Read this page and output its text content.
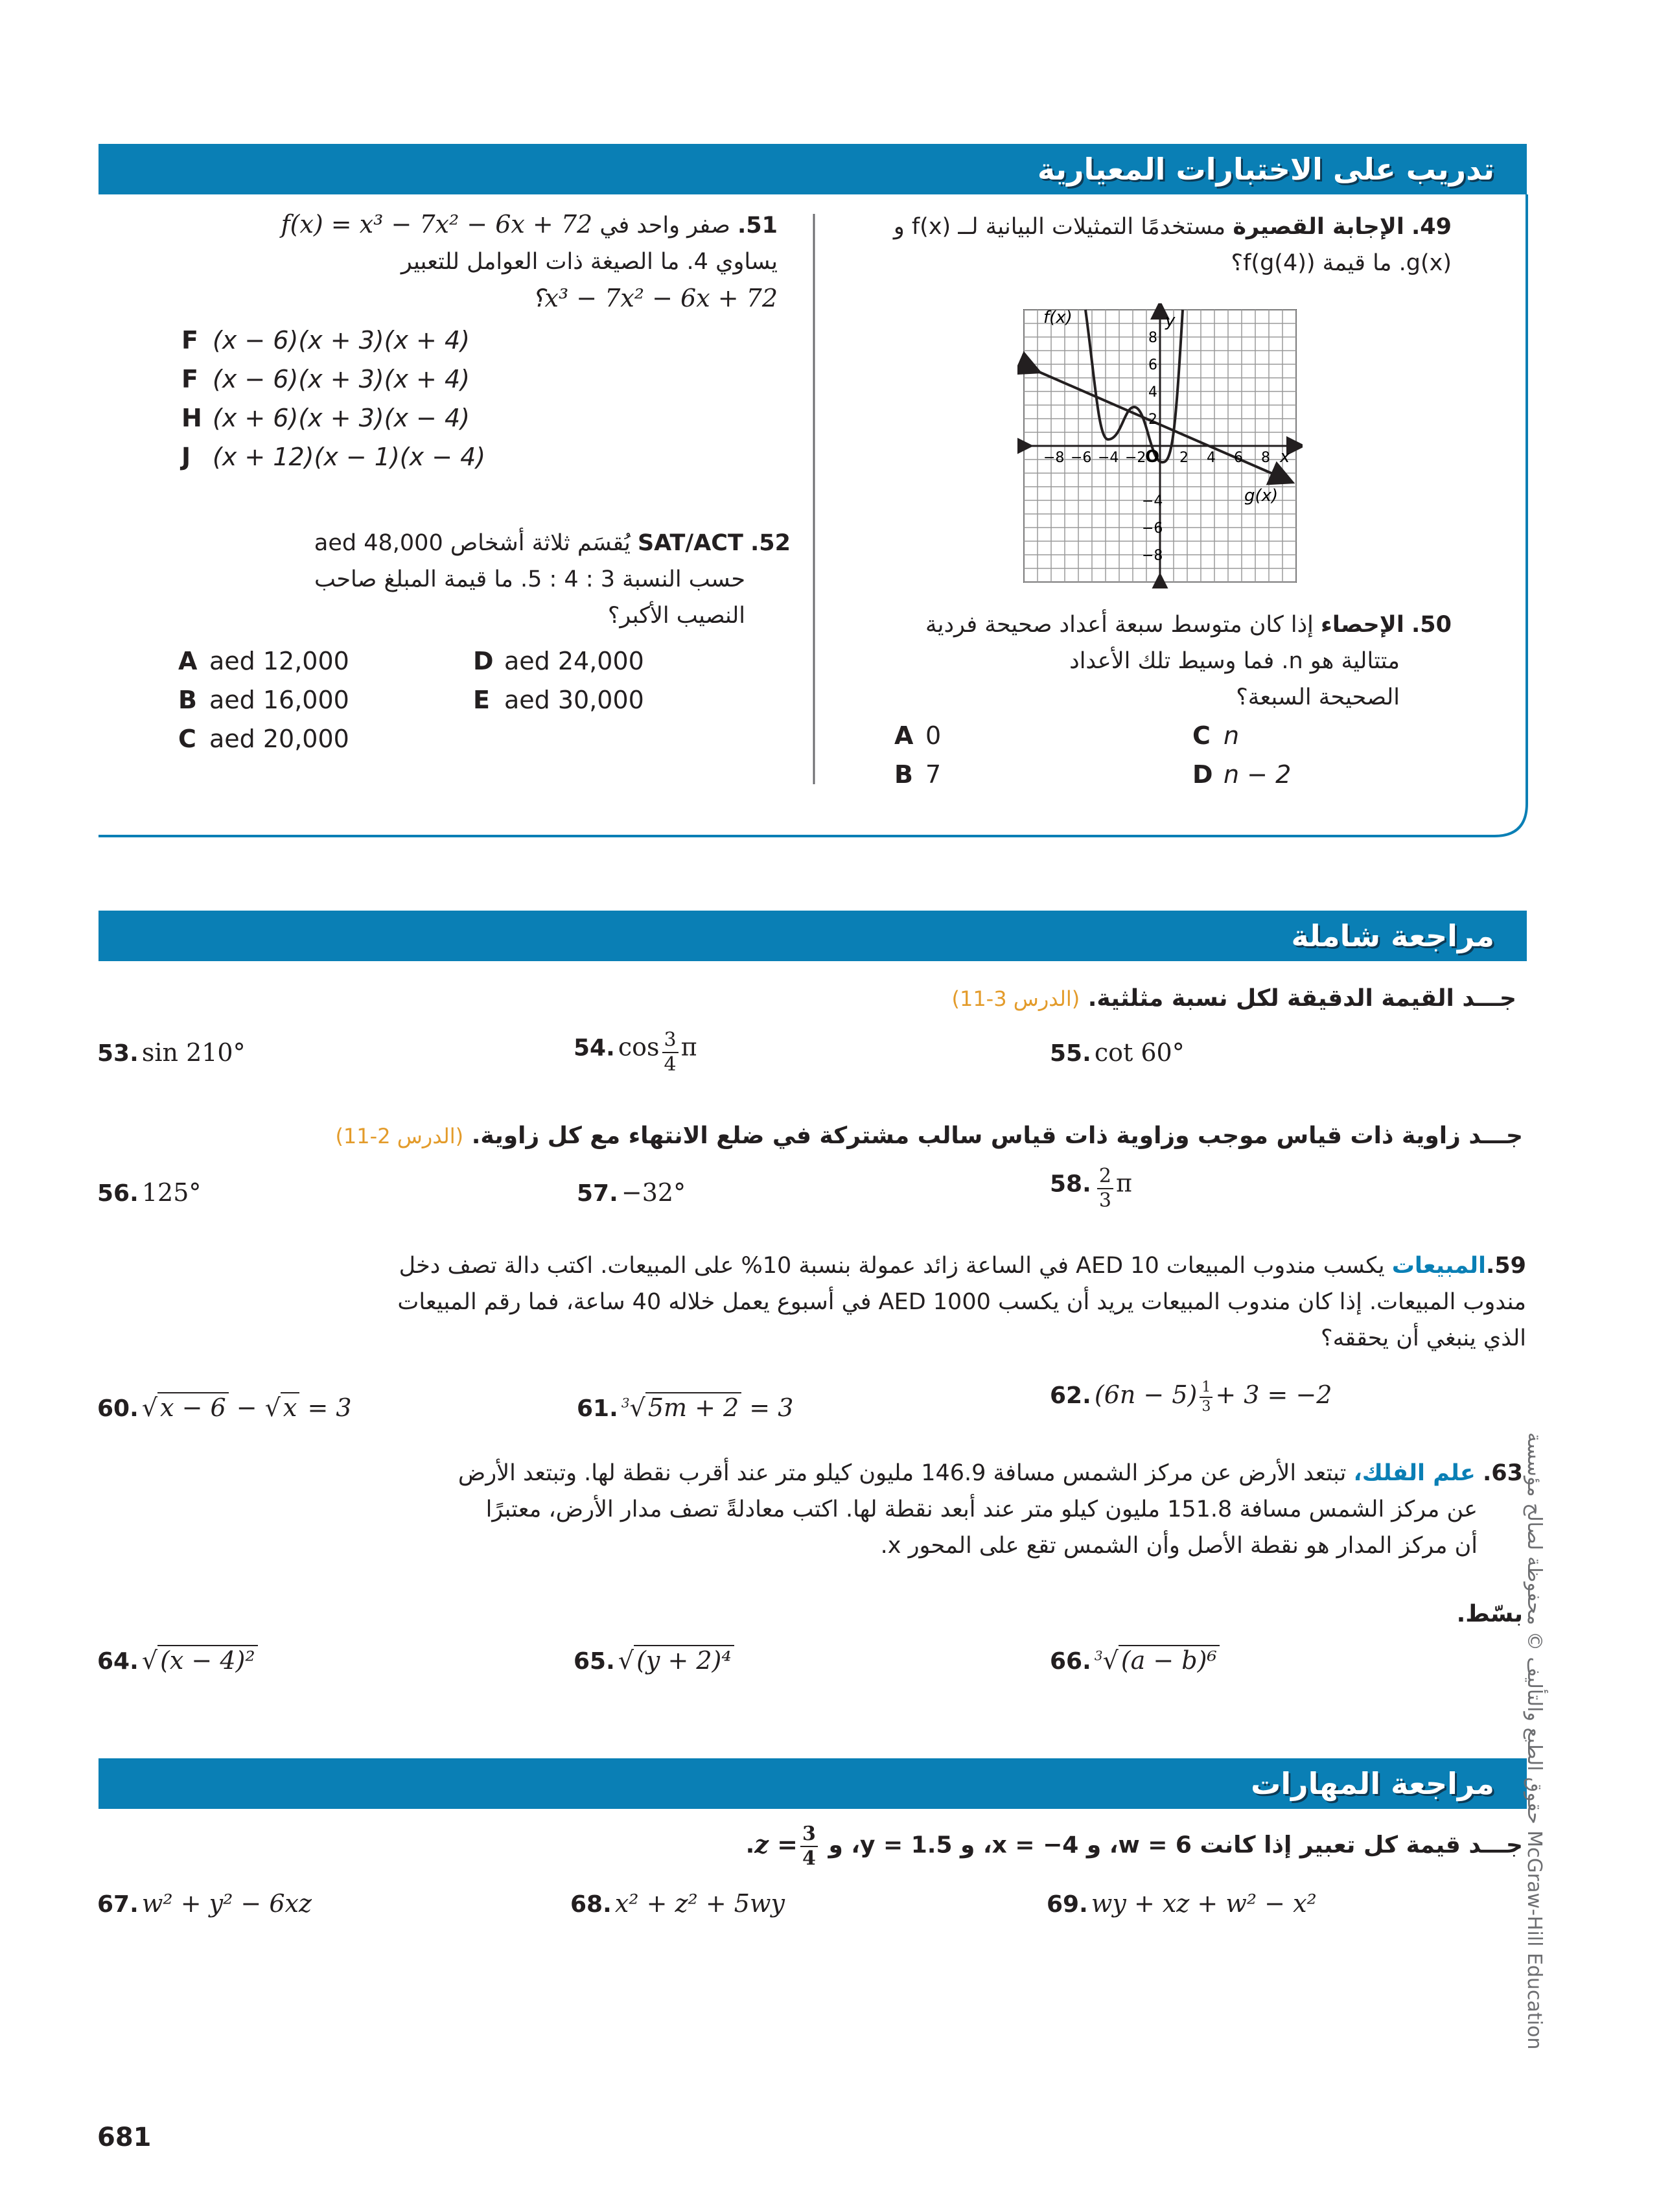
تدريب على الاختبارات المعيارية
49. الإجابة القصيرة مستخدمًا التمثيلات البيانية لــ f(x) و
g(x). ما قيمة f(g(4))؟
f(x)	y
x
O
g(x)
−8 −6 −4 −2 2 4 6 8
8
6
4
2
−4
−6
−8
50. الإحصاء إذا كان متوسط سبعة أعداد صحيحة فردية
متتالية هو n. فما وسيط تلك الأعداد
الصحيحة السبعة؟
A 0
B 7
C n
D n − 2
51. صفر واحد في f(x) = x³ − 7x² − 6x + 72
يساوي 4. ما الصيغة ذات العوامل للتعبير
x³ − 7x² − 6x + 72؟
F (x − 6)(x + 3)(x + 4)
F (x − 6)(x + 3)(x + 4)
H (x + 6)(x + 3)(x − 4)
J (x + 12)(x − 1)(x − 4)
SAT/ACT .52 يُقسَم ثلاثة أشخاص aed 48,000
حسب النسبة 3 : 4 : 5. ما قيمة المبلغ صاحب
النصيب الأكبر؟
A aed 12,000
B aed 16,000
C aed 20,000
D aed 24,000
E aed 30,000
مراجعة شاملة
جـــد القيمة الدقيقة لكل نسبة مثلثية. (الدرس 3-11)
53. sin 210°	54. $\cos \frac{3}{4}$ π	55. cot 60°
جـــد زاوية ذات قياس موجب وزاوية ذات قياس سالب مشتركة في ضلع الانتهاء مع كل زاوية. (الدرس 2-11)
56. 125°	57. −32°	58. $\frac{2}{3}$ π
59.المبيعات يكسب مندوب المبيعات AED 10 في الساعة زائد عمولة بنسبة 10% على المبيعات. اكتب دالة تصف دخل
مندوب المبيعات. إذا كان مندوب المبيعات يريد أن يكسب AED 1000 في أسبوع يعمل خلاله 40 ساعة، فما رقم المبيعات
الذي ينبغي أن يحققه؟
60. √ x − 6 − √ x = 3	61. $^3$√ 5m + 2 = 3	62. $(6n - 5) \frac{1}{3} + 3 = -2$
63. علم الفلك، تبتعد الأرض عن مركز الشمس مسافة 146.9 مليون كيلو متر عند أقرب نقطة لها. وتبتعد الأرض
عن مركز الشمس مسافة 151.8 مليون كيلو متر عند أبعد نقطة لها. اكتب معادلةً تصف مدار الأرض، معتبرًا
أن مركز المدار هو نقطة الأصل وأن الشمس تقع على المحور x.
بسّط.
64. √ (x − 4)²	65. √ (y + 2)⁴	66. $^3$√ (a − b)⁶
مراجعة المهارات
جـــد قيمة كل تعبير إذا كانت w = 6، و x = −4، و y = 1.5، و $z = \frac{3}{4}$
.
67. w² + y² − 6xz	68. x² + z² + 5wy	69. wy + xz + w² − x²
681
حقوق الطبع والتأليف © محفوظة لصالح مؤسسة McGraw-Hill Education
